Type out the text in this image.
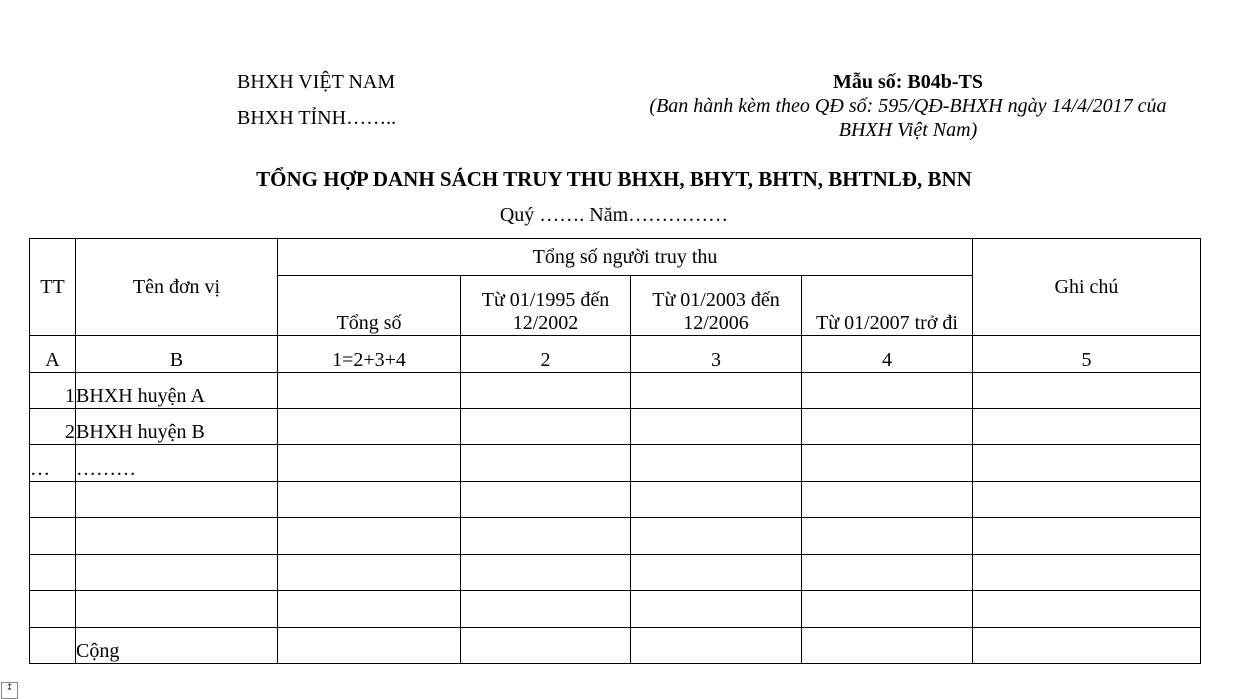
BHXH VIỆT NAM
BHXH TỈNH……..
Mẫu số: B04b-TS
(Ban hành kèm theo QĐ số: 595/QĐ-BHXH ngày 14/4/2017 của BHXH Việt Nam)
TỔNG HỢP DANH SÁCH TRUY THU BHXH, BHYT, BHTN, BHTNLĐ, BNN
Quý ……. Năm……………
TT	Tên đơn vị	Tổng số người truy thu				Ghi chú
		Tổng số	Từ 01/1995 đến 12/2002	Từ 01/2003 đến 12/2006	Từ 01/2007 trở đi	
A	B	1=2+3+4	2	3	4	5
1	BHXH huyện A					
2	BHXH huyện B					
…	………					

	Cộng					
↕
